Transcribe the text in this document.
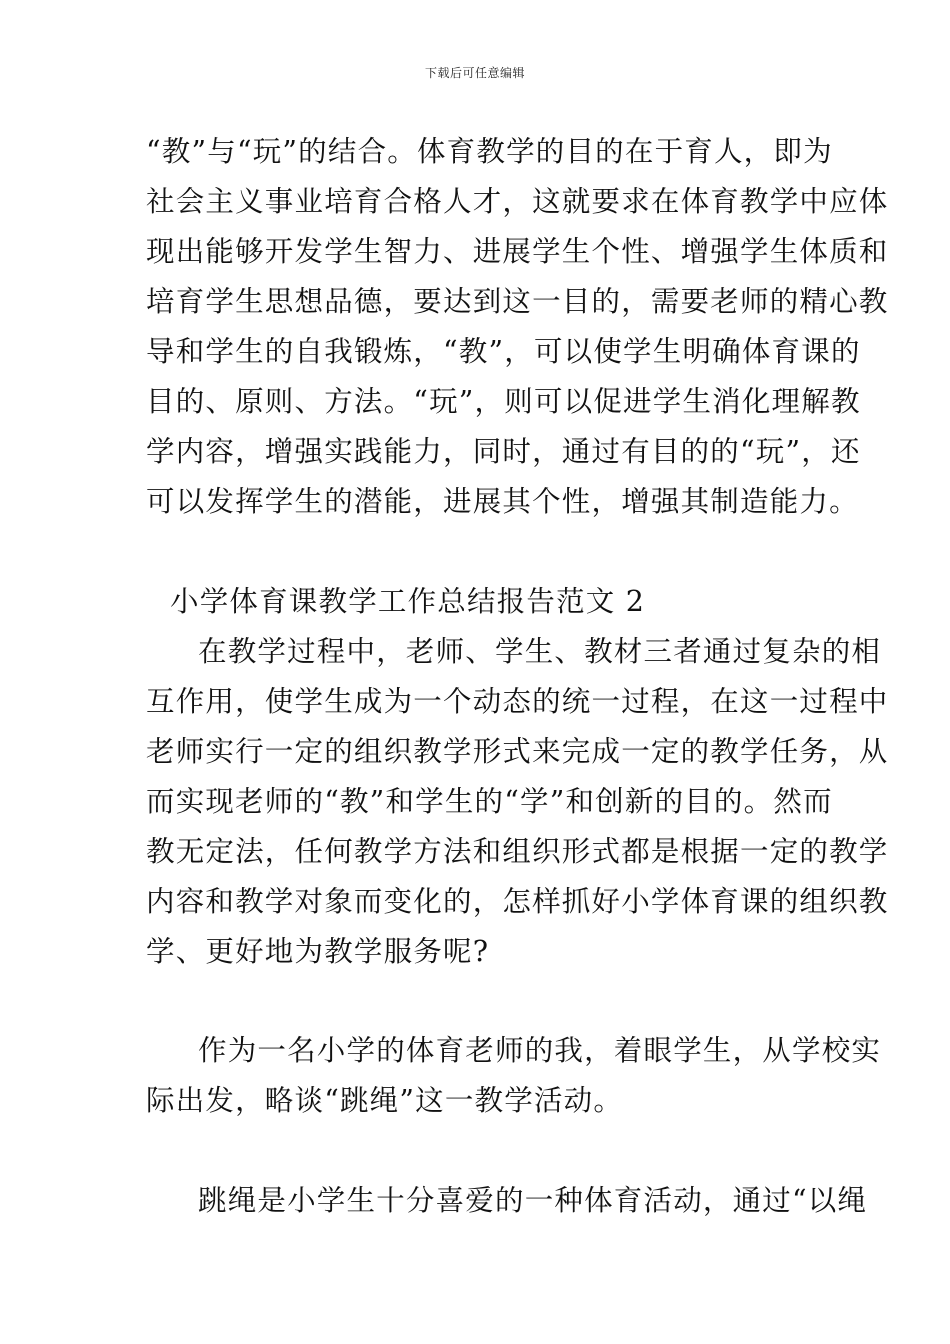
下载后可任意编辑
“教”与“玩”的结合。体育教学的目的在于育人，即为
社会主义事业培育合格人才，这就要求在体育教学中应体
现出能够开发学生智力、进展学生个性、增强学生体质和
培育学生思想品德，要达到这一目的，需要老师的精心教
导和学生的自我锻炼，“教”，可以使学生明确体育课的
目的、原则、方法。“玩”，则可以促进学生消化理解教
学内容，增强实践能力，同时，通过有目的的“玩”，还
可以发挥学生的潜能，进展其个性，增强其制造能力。
小学体育课教学工作总结报告范文 2
在教学过程中，老师、学生、教材三者通过复杂的相
互作用，使学生成为一个动态的统一过程，在这一过程中
老师实行一定的组织教学形式来完成一定的教学任务，从
而实现老师的“教”和学生的“学”和创新的目的。然而
教无定法，任何教学方法和组织形式都是根据一定的教学
内容和教学对象而变化的，怎样抓好小学体育课的组织教
学、更好地为教学服务呢?
作为一名小学的体育老师的我，着眼学生，从学校实
际出发，略谈“跳绳”这一教学活动。
跳绳是小学生十分喜爱的一种体育活动，通过“以绳
